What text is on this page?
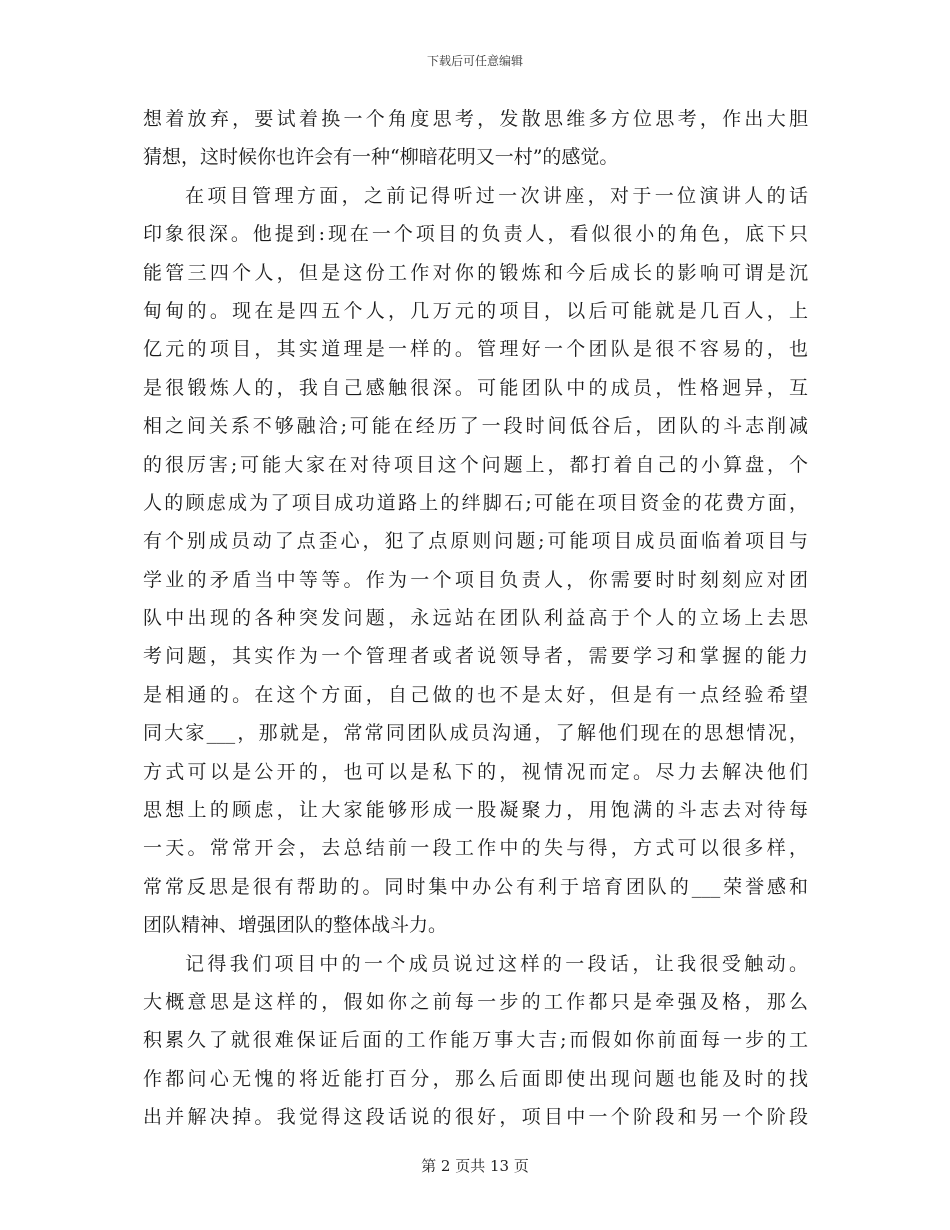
下载后可任意编辑
想着放弃，要试着换一个角度思考，发散思维多方位思考，作出大胆
猜想，这时候你也许会有一种“柳暗花明又一村”的感觉。
在项目管理方面，之前记得听过一次讲座，对于一位演讲人的话
印象很深。他提到:现在一个项目的负责人，看似很小的角色，底下只
能管三四个人，但是这份工作对你的锻炼和今后成长的影响可谓是沉
甸甸的。现在是四五个人，几万元的项目，以后可能就是几百人，上
亿元的项目，其实道理是一样的。管理好一个团队是很不容易的，也
是很锻炼人的，我自己感触很深。可能团队中的成员，性格迥异，互
相之间关系不够融洽;可能在经历了一段时间低谷后，团队的斗志削减
的很厉害;可能大家在对待项目这个问题上，都打着自己的小算盘，个
人的顾虑成为了项目成功道路上的绊脚石;可能在项目资金的花费方面，
有个别成员动了点歪心，犯了点原则问题;可能项目成员面临着项目与
学业的矛盾当中等等。作为一个项目负责人，你需要时时刻刻应对团
队中出现的各种突发问题，永远站在团队利益高于个人的立场上去思
考问题，其实作为一个管理者或者说领导者，需要学习和掌握的能力
是相通的。在这个方面，自己做的也不是太好，但是有一点经验希望
同大家___，那就是，常常同团队成员沟通，了解他们现在的思想情况，
方式可以是公开的，也可以是私下的，视情况而定。尽力去解决他们
思想上的顾虑，让大家能够形成一股凝聚力，用饱满的斗志去对待每
一天。常常开会，去总结前一段工作中的失与得，方式可以很多样，
常常反思是很有帮助的。同时集中办公有利于培育团队的___荣誉感和
团队精神、增强团队的整体战斗力。
记得我们项目中的一个成员说过这样的一段话，让我很受触动。
大概意思是这样的，假如你之前每一步的工作都只是牵强及格，那么
积累久了就很难保证后面的工作能万事大吉;而假如你前面每一步的工
作都问心无愧的将近能打百分，那么后面即使出现问题也能及时的找
出并解决掉。我觉得这段话说的很好，项目中一个阶段和另一个阶段
第 2 页共 13 页
